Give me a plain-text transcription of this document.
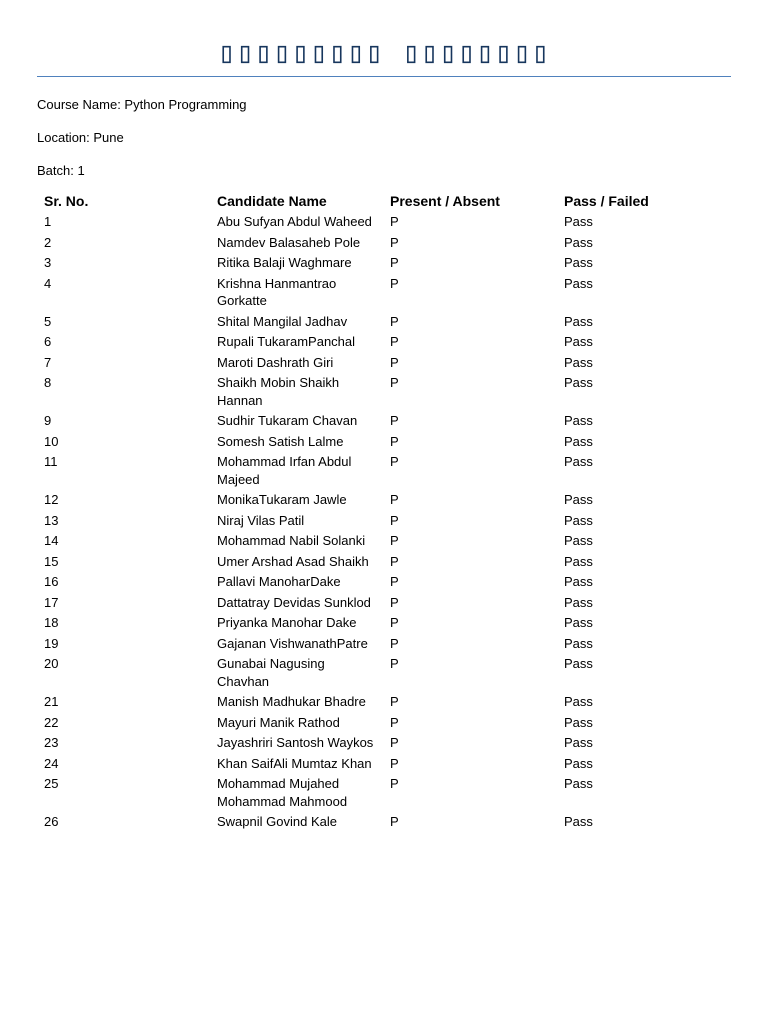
▯▯▯▯▯▯▯▯▯ ▯▯▯▯▯▯▯▯
Course Name: Python Programming
Location: Pune
Batch: 1
Sr. No.	Candidate Name	Present / Absent	Pass / Failed
1	Abu Sufyan Abdul Waheed	P	Pass
2	Namdev Balasaheb Pole	P	Pass
3	Ritika Balaji Waghmare	P	Pass
4	Krishna Hanmantrao Gorkatte	P	Pass
5	Shital Mangilal Jadhav	P	Pass
6	Rupali TukaramPanchal	P	Pass
7	Maroti Dashrath Giri	P	Pass
8	Shaikh Mobin Shaikh Hannan	P	Pass
9	Sudhir Tukaram Chavan	P	Pass
10	Somesh Satish Lalme	P	Pass
11	Mohammad Irfan Abdul Majeed	P	Pass
12	MonikaTukaram Jawle	P	Pass
13	Niraj Vilas Patil	P	Pass
14	Mohammad Nabil Solanki	P	Pass
15	Umer Arshad Asad Shaikh	P	Pass
16	Pallavi ManoharDake	P	Pass
17	Dattatray Devidas Sunklod	P	Pass
18	Priyanka Manohar Dake	P	Pass
19	Gajanan VishwanathPatre	P	Pass
20	Gunabai Nagusing Chavhan	P	Pass
21	Manish Madhukar Bhadre	P	Pass
22	Mayuri Manik Rathod	P	Pass
23	Jayashriri Santosh Waykos	P	Pass
24	Khan SaifAli Mumtaz Khan	P	Pass
25	Mohammad Mujahed Mohammad Mahmood	P	Pass
26	Swapnil Govind Kale	P	Pass
